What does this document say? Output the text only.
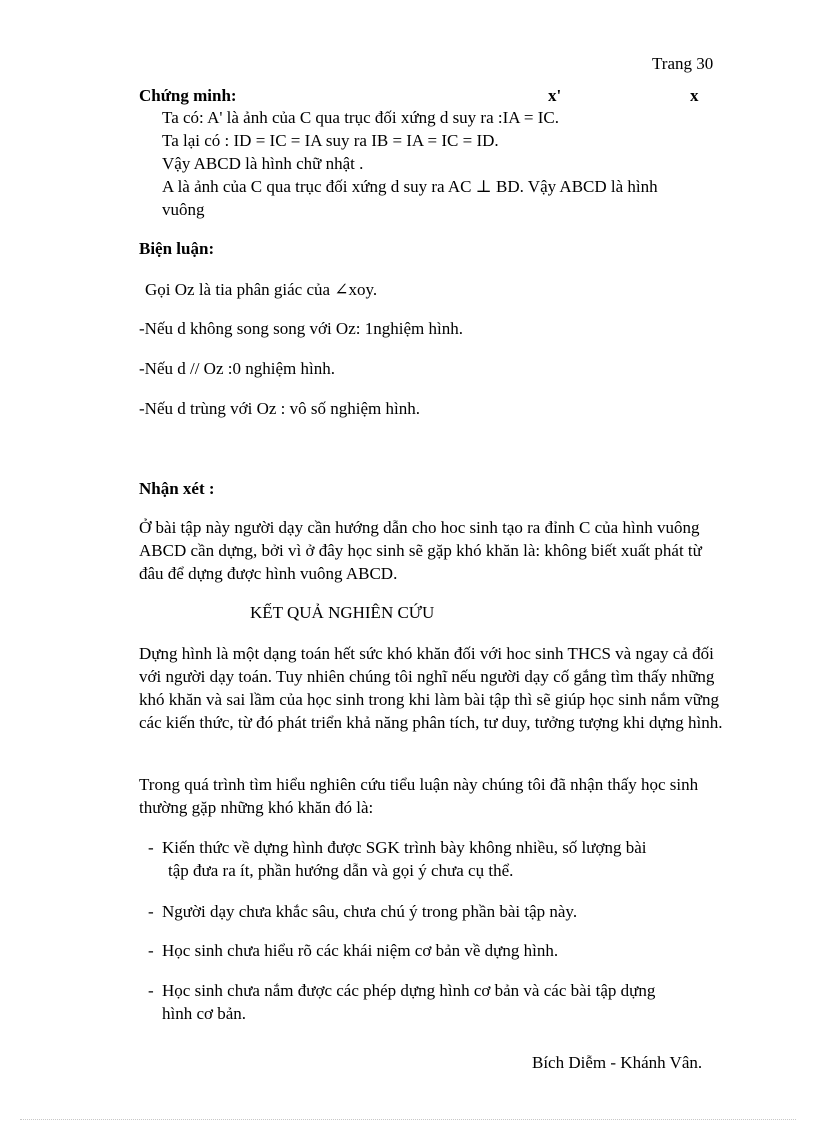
Trang 30
Chứng minh:	x'	x
Ta có: A' là ảnh của C qua trục đối xứng d suy ra :IA = IC.
Ta lại có : ID = IC = IA suy ra IB = IA = IC = ID.
Vậy ABCD là hình chữ nhật .
A là ảnh của C qua trục đối xứng d suy ra AC ⊥ BD. Vậy ABCD là hình
vuông
Biện luận:
Gọi Oz là tia phân giác của ∠xoy.
-Nếu d không song song với Oz: 1nghiệm hình.
-Nếu d // Oz :0 nghiệm hình.
-Nếu d trùng với Oz : vô số nghiệm hình.
Nhận xét :
Ở bài tập này người dạy cần hướng dẫn cho hoc sinh tạo ra đỉnh C của hình vuông ABCD cần dựng, bởi vì ở đây học sinh sẽ gặp khó khăn là: không biết xuất phát từ đâu để dựng được hình vuông ABCD.
KẾT QUẢ NGHIÊN CỨU
Dựng hình là một dạng toán hết sức khó khăn đối với hoc sinh THCS và ngay cả đối với người dạy toán. Tuy nhiên chúng tôi nghĩ nếu người dạy cố gắng tìm thấy những khó khăn và sai lầm của học sinh trong khi làm bài tập thì sẽ giúp học sinh nắm vững các kiến thức, từ đó phát triển khả năng phân tích, tư duy, tưởng tượng khi dựng hình.
Trong quá trình tìm hiểu nghiên cứu tiểu luận này chúng tôi đã nhận thấy học sinh thường gặp những khó khăn đó là:
- Kiến thức về dựng hình được SGK trình bày không nhiều, số lượng bài
tập đưa ra ít, phần hướng dẫn và gọi ý chưa cụ thể.
- Người dạy chưa khắc sâu, chưa chú ý trong phần bài tập này.
- Học sinh chưa hiểu rõ các khái niệm cơ bản về dựng hình.
- Học sinh chưa nắm được các phép dựng hình cơ bản và các bài tập dựng
hình cơ bản.
Bích Diễm - Khánh Vân.
